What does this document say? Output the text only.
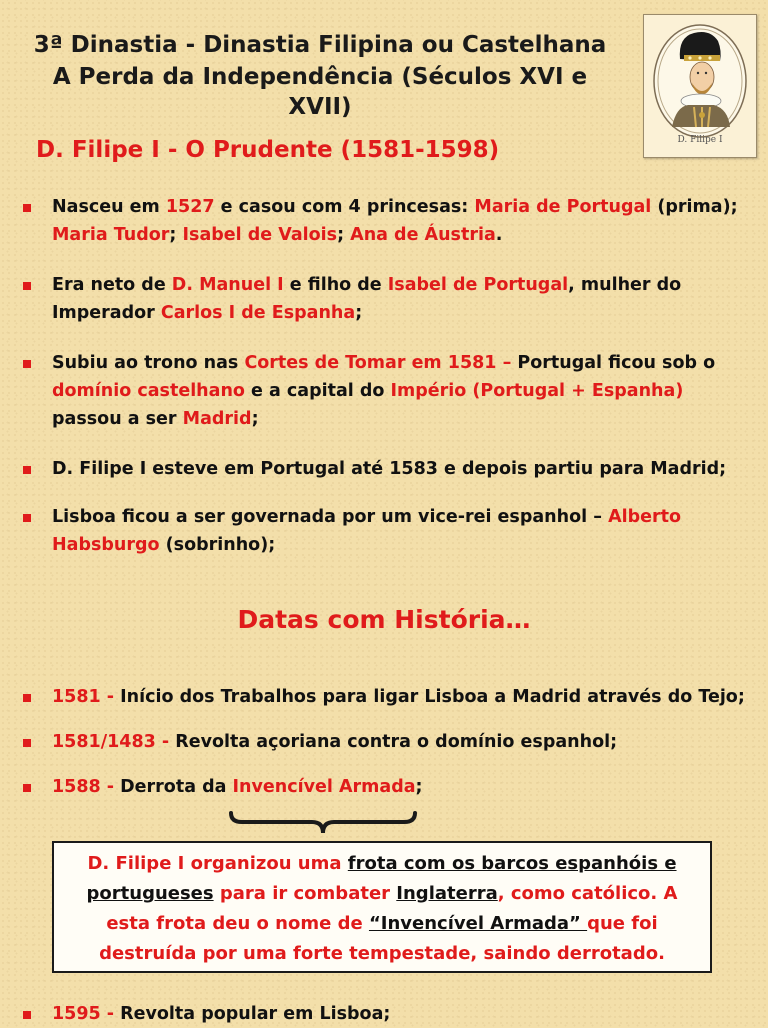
3ª Dinastia - Dinastia Filipina ou Castelhana
A Perda da Independência (Séculos XVI e XVII)
D. Filipe I
D. Filipe I - O Prudente (1581-1598)
Nasceu em 1527 e casou com 4 princesas: Maria de Portugal (prima); Maria Tudor; Isabel de Valois; Ana de Áustria.
Era neto de D. Manuel I e filho de Isabel de Portugal, mulher do Imperador Carlos I de Espanha;
Subiu ao trono nas Cortes de Tomar em 1581 – Portugal ficou sob o domínio castelhano e a capital do Império (Portugal + Espanha) passou a ser Madrid;
D. Filipe I esteve em Portugal até 1583 e depois partiu para Madrid;
Lisboa ficou a ser governada por um vice-rei espanhol – Alberto Habsburgo (sobrinho);
Datas com História…
1581 - Início dos Trabalhos para ligar Lisboa a Madrid através do Tejo;
1581/1483 - Revolta açoriana contra o domínio espanhol;
1588 - Derrota da Invencível Armada;
D. Filipe I organizou uma frota com os barcos espanhóis e portugueses para ir combater Inglaterra, como católico. A esta frota deu o nome de “Invencível Armada” que foi destruída por uma forte tempestade, saindo derrotado.
1595 - Revolta popular em Lisboa;
